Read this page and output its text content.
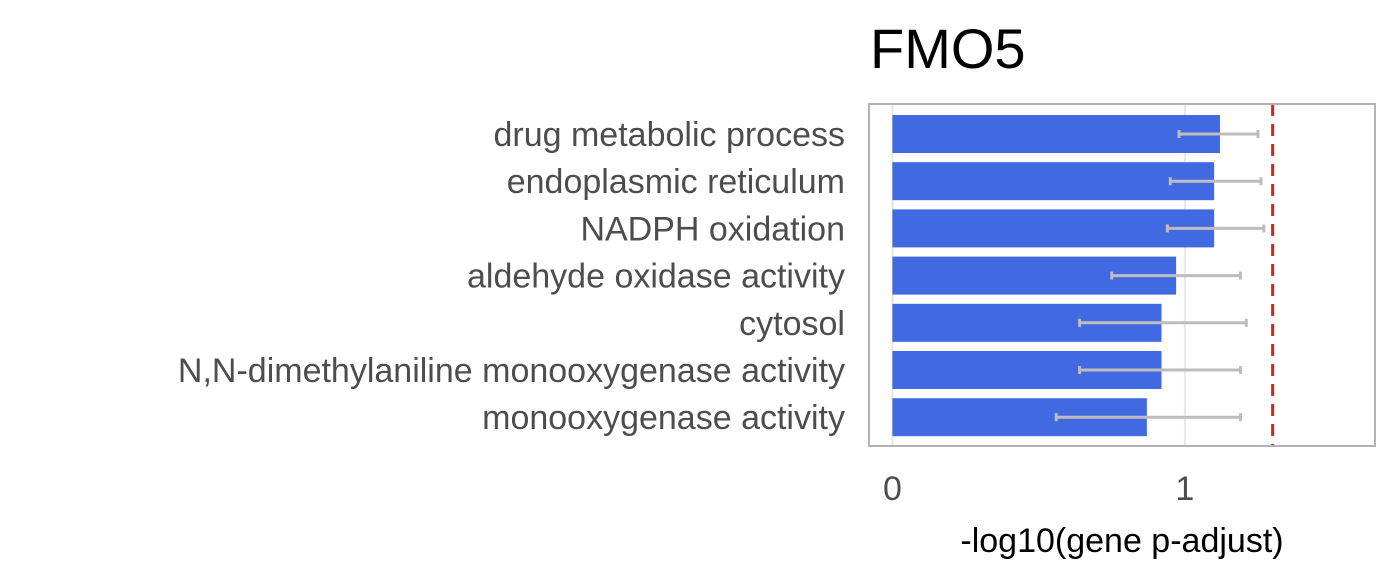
FMO5
drug metabolic process
endoplasmic reticulum
NADPH oxidation
aldehyde oxidase activity
cytosol
N,N-dimethylaniline monooxygenase activity
monooxygenase activity
0	1
-log10(gene p-adjust)
